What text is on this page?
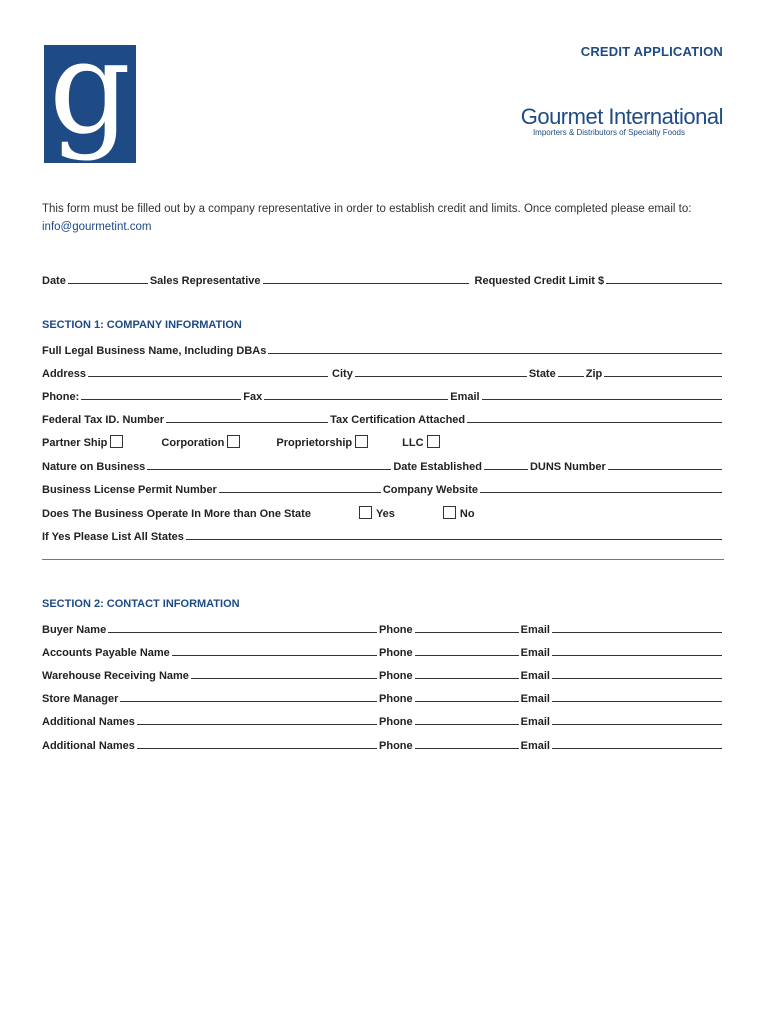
g	CREDIT APPLICATION
Gourmet International
Importers & Distributors of Specialty Foods
This form must be filled out by a company representative in order to establish credit and limits. Once completed please email to: info@gourmetint.com
Date	Sales Representative	Requested Credit Limit $
SECTION 1: COMPANY INFORMATION
Full Legal Business Name, Including DBAs
Address	City	State	Zip
Phone:	Fax	Email
Federal Tax ID. Number	Tax Certification Attached
Partner Ship	Corporation	Proprietorship	LLC
Nature on Business	Date Established	DUNS Number
Business License Permit Number	Company Website
Does The Business Operate In More than One State	Yes	No
If Yes Please List All States
SECTION 2: CONTACT INFORMATION
Buyer Name	Phone	Email
Accounts Payable Name	Phone	Email
Warehouse Receiving Name	Phone	Email
Store Manager	Phone	Email
Additional Names	Phone	Email
Additional Names	Phone	Email
